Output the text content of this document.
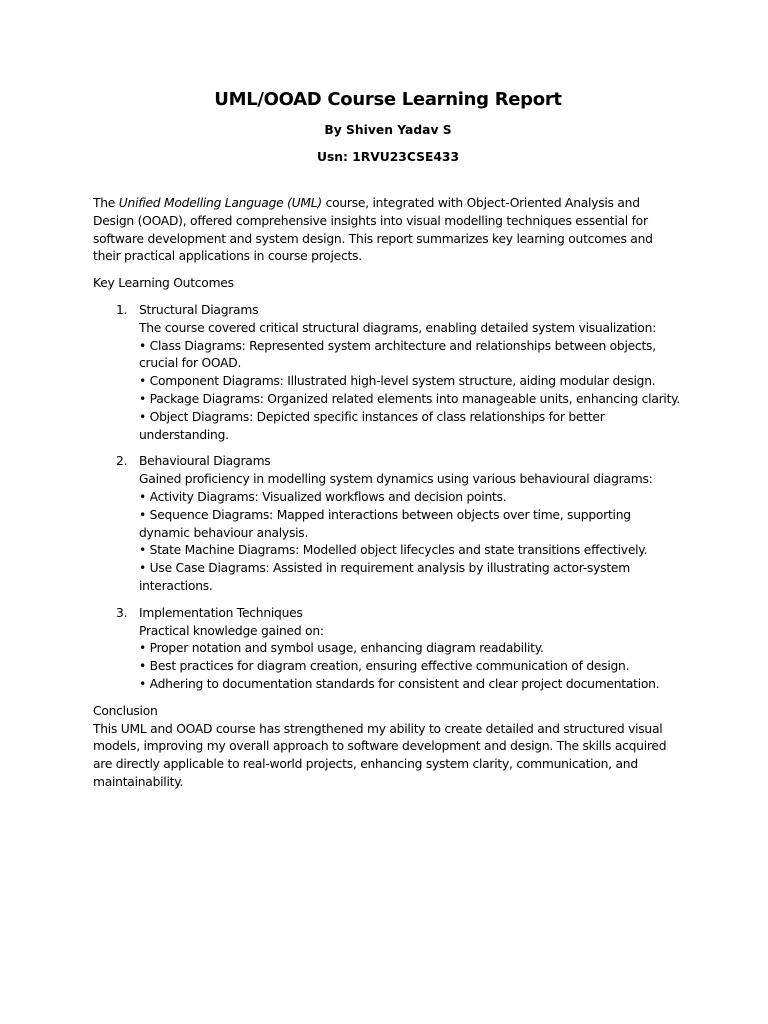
UML/OOAD Course Learning Report
By Shiven Yadav S
Usn: 1RVU23CSE433

The Unified Modelling Language (UML) course, integrated with Object-Oriented Analysis and Design (OOAD), offered comprehensive insights into visual modelling techniques essential for software development and system design. This report summarizes key learning outcomes and their practical applications in course projects.

Key Learning Outcomes
1. Structural Diagrams
The course covered critical structural diagrams, enabling detailed system visualization:
• Class Diagrams: Represented system architecture and relationships between objects, crucial for OOAD.
• Component Diagrams: Illustrated high-level system structure, aiding modular design.
• Package Diagrams: Organized related elements into manageable units, enhancing clarity.
• Object Diagrams: Depicted specific instances of class relationships for better understanding.
2. Behavioural Diagrams
Gained proficiency in modelling system dynamics using various behavioural diagrams:
• Activity Diagrams: Visualized workflows and decision points.
• Sequence Diagrams: Mapped interactions between objects over time, supporting dynamic behaviour analysis.
• State Machine Diagrams: Modelled object lifecycles and state transitions effectively.
• Use Case Diagrams: Assisted in requirement analysis by illustrating actor-system interactions.
3. Implementation Techniques
Practical knowledge gained on:
• Proper notation and symbol usage, enhancing diagram readability.
• Best practices for diagram creation, ensuring effective communication of design.
• Adhering to documentation standards for consistent and clear project documentation.
Conclusion
This UML and OOAD course has strengthened my ability to create detailed and structured visual models, improving my overall approach to software development and design. The skills acquired are directly applicable to real-world projects, enhancing system clarity, communication, and maintainability.
